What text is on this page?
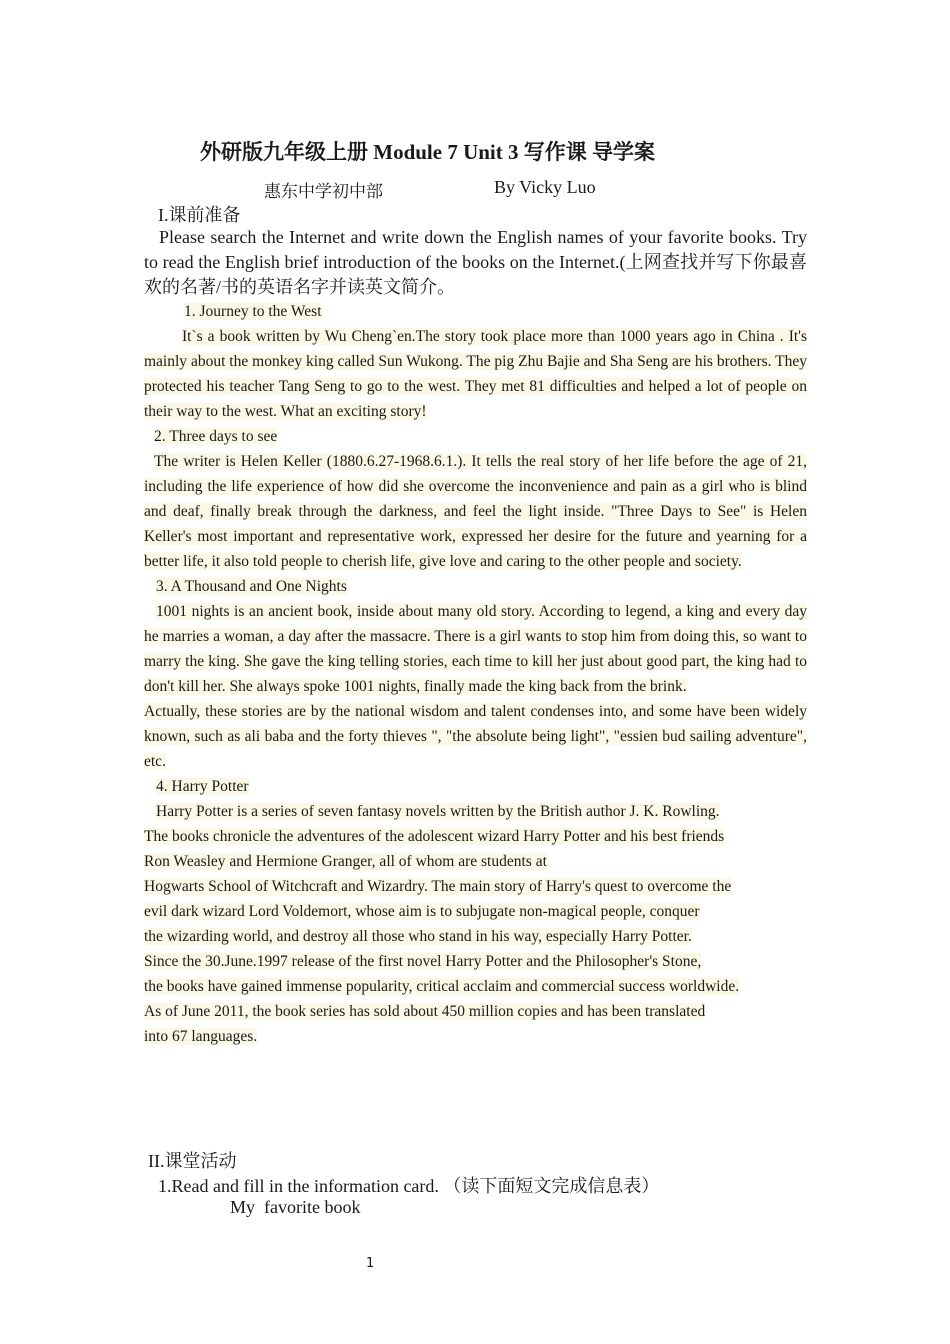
外研版九年级上册 Module 7 Unit 3 写作课 导学案
惠东中学初中部	By Vicky Luo
I.课前准备
Please search the Internet and write down the English names of your favorite books. Try to read the English brief introduction of the books on the Internet.(上网查找并写下你最喜欢的名著/书的英语名字并读英文简介。

1. Journey to the West

It`s a book written by Wu Cheng`en.The story took place more than 1000 years ago in China . It's mainly about the monkey king called Sun Wukong. The pig Zhu Bajie and Sha Seng are his brothers. They protected his teacher Tang Seng to go to the west. They met 81 difficulties and helped a lot of people on their way to the west. What an exciting story!

2. Three days to see

The writer is Helen Keller (1880.6.27-1968.6.1.). It tells the real story of her life before the age of 21, including the life experience of how did she overcome the inconvenience and pain as a girl who is blind and deaf, finally break through the darkness, and feel the light inside. "Three Days to See" is Helen Keller's most important and representative work, expressed her desire for the future and yearning for a better life, it also told people to cherish life, give love and caring to the other people and society.

3. A Thousand and One Nights

1001 nights is an ancient book, inside about many old story. According to legend, a king and every day he marries a woman, a day after the massacre. There is a girl wants to stop him from doing this, so want to marry the king. She gave the king telling stories, each time to kill her just about good part, the king had to don't kill her. She always spoke 1001 nights, finally made the king back from the brink.

Actually, these stories are by the national wisdom and talent condenses into, and some have been widely known, such as ali baba and the forty thieves ", "the absolute being light", "essien bud sailing adventure", etc.

4. Harry Potter

Harry Potter is a series of seven fantasy novels written by the British author J. K. Rowling.

The books chronicle the adventures of the adolescent wizard Harry Potter and his best friends

Ron Weasley and Hermione Granger, all of whom are students at

Hogwarts School of Witchcraft and Wizardry. The main story of Harry's quest to overcome the

evil dark wizard Lord Voldemort, whose aim is to subjugate non-magical people, conquer

the wizarding world, and destroy all those who stand in his way, especially Harry Potter.

Since the 30.June.1997 release of the first novel Harry Potter and the Philosopher's Stone,

the books have gained immense popularity, critical acclaim and commercial success worldwide.

As of June 2011, the book series has sold about 450 million copies and has been translated

into 67 languages.

II.课堂活动
1.Read and fill in the information card. （读下面短文完成信息表）
My  favorite book
1
